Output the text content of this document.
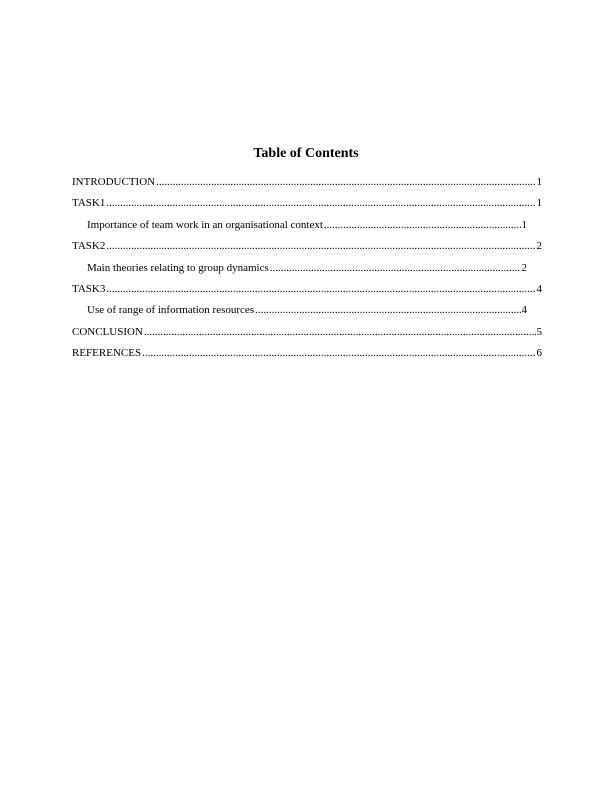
Table of Contents
INTRODUCTION .....	1
TASK1 .....	1
Importance of team work in an organisational context .....	1
TASK2 .....	2
Main theories relating to group dynamics .....	2
TASK3 .....	4
Use of range of information resources .....	4
CONCLUSION .....	5
REFERENCES .....	6
